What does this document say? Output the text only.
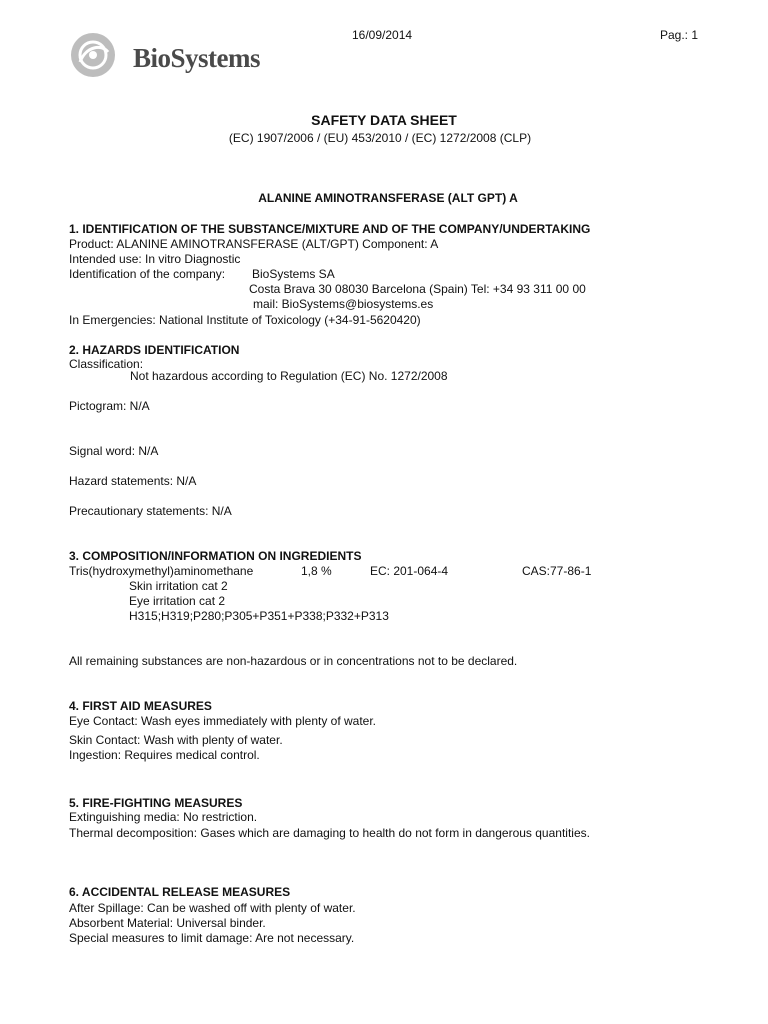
BioSystems
16/09/2014	Pag.: 1
SAFETY DATA SHEET
(EC) 1907/2006 / (EU) 453/2010 / (EC) 1272/2008 (CLP)
ALANINE AMINOTRANSFERASE (ALT GPT) A
1. IDENTIFICATION OF THE SUBSTANCE/MIXTURE AND OF THE COMPANY/UNDERTAKING
Product: ALANINE AMINOTRANSFERASE (ALT/GPT) Component: A
Intended use: In vitro Diagnostic
Identification of the company: BioSystems SA
Costa Brava 30 08030 Barcelona (Spain) Tel: +34 93 311 00 00
mail: BioSystems@biosystems.es
In Emergencies: National Institute of Toxicology (+34-91-5620420)
2. HAZARDS IDENTIFICATION
Classification:
Not hazardous according to Regulation (EC) No. 1272/2008
Pictogram: N/A
Signal word: N/A
Hazard statements: N/A
Precautionary statements: N/A
3. COMPOSITION/INFORMATION ON INGREDIENTS
Tris(hydroxymethyl)aminomethane	1,8 %	EC: 201-064-4	CAS:77-86-1
Skin irritation cat 2
Eye irritation cat 2
H315;H319;P280;P305+P351+P338;P332+P313
All remaining substances are non-hazardous or in concentrations not to be declared.
4. FIRST AID MEASURES
Eye Contact: Wash eyes immediately with plenty of water.
Skin Contact: Wash with plenty of water.
Ingestion: Requires medical control.
5. FIRE-FIGHTING MEASURES
Extinguishing media: No restriction.
Thermal decomposition: Gases which are damaging to health do not form in dangerous quantities.
6. ACCIDENTAL RELEASE MEASURES
After Spillage: Can be washed off with plenty of water.
Absorbent Material: Universal binder.
Special measures to limit damage: Are not necessary.
